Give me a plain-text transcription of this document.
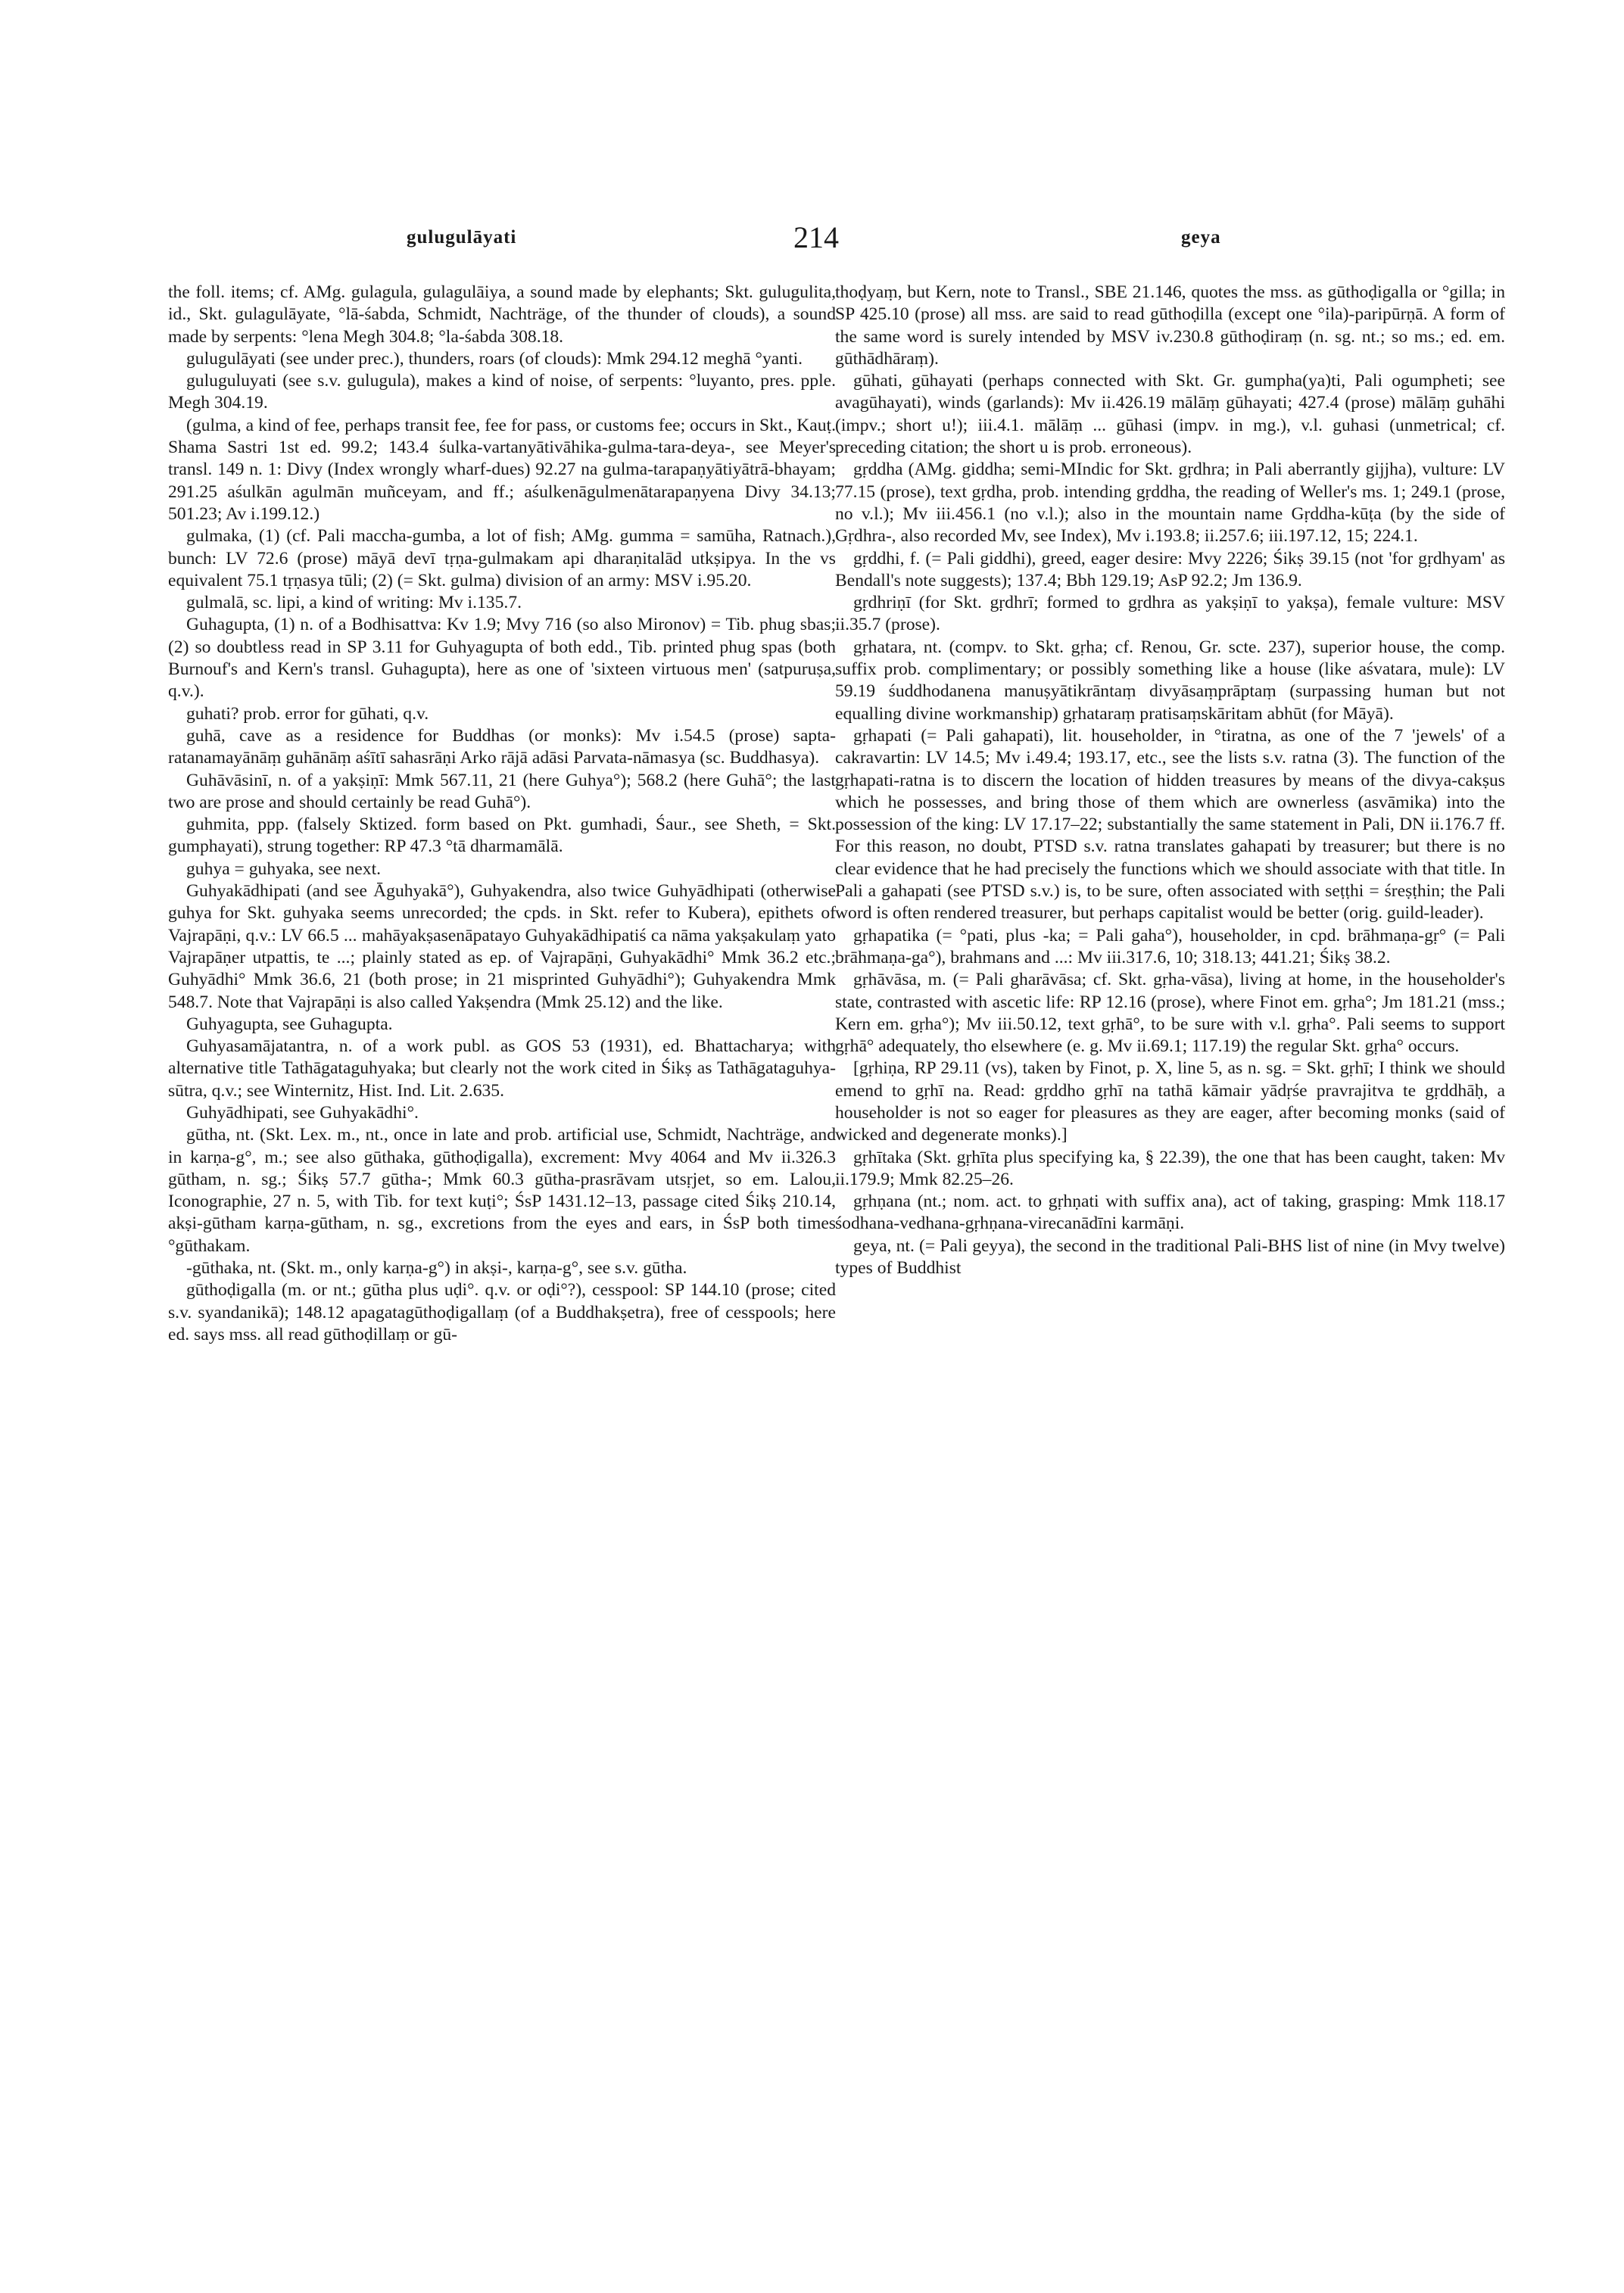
gulugulāyati	214	geya

the foll. items; cf. AMg. gulagula, gulagulāiya, a sound made by elephants; Skt. gulugulita, id., Skt. gulagulāyate, °lā-śabda, Schmidt, Nachträge, of the thunder of clouds), a sound made by serpents: °lena Megh 304.8; °la-śabda 308.18.

gulugulāyati (see under prec.), thunders, roars (of clouds): Mmk 294.12 meghā °yanti.

guluguluyati (see s.v. gulugula), makes a kind of noise, of serpents: °luyanto, pres. pple. Megh 304.19.

(gulma, a kind of fee, perhaps transit fee, fee for pass, or customs fee; occurs in Skt., Kauṭ. Shama Sastri 1st ed. 99.2; 143.4 śulka-vartanyātivāhika-gulma-tara-deya-, see Meyer's transl. 149 n. 1: Divy (Index wrongly wharf-dues) 92.27 na gulma-tarapaṇyātiyātrā-bhayam; 291.25 aśulkān agulmān muñceyam, and ff.; aśulkenāgulmenātarapaṇyena Divy 34.13; 501.23; Av i.199.12.)

gulmaka, (1) (cf. Pali maccha-gumba, a lot of fish; AMg. gumma = samūha, Ratnach.), bunch: LV 72.6 (prose) māyā devī tṛṇa-gulmakam api dharaṇitalād utkṣipya. In the vs equivalent 75.1 tṛṇasya tūli; (2) (= Skt. gulma) division of an army: MSV i.95.20.

gulmalā, sc. lipi, a kind of writing: Mv i.135.7.

Guhagupta, (1) n. of a Bodhisattva: Kv 1.9; Mvy 716 (so also Mironov) = Tib. phug sbas; (2) so doubtless read in SP 3.11 for Guhyagupta of both edd., Tib. printed phug spas (both Burnouf's and Kern's transl. Guhagupta), here as one of 'sixteen virtuous men' (satpuruṣa, q.v.).

guhati? prob. error for gūhati, q.v.

guhā, cave as a residence for Buddhas (or monks): Mv i.54.5 (prose) sapta-ratanamayānāṃ guhānāṃ aśītī sahasrāṇi Arko rājā adāsi Parvata-nāmasya (sc. Buddhasya).

Guhāvāsinī, n. of a yakṣiṇī: Mmk 567.11, 21 (here Guhya°); 568.2 (here Guhā°; the last two are prose and should certainly be read Guhā°).

guhmita, ppp. (falsely Sktized. form based on Pkt. gumhadi, Śaur., see Sheth, = Skt. gumphayati), strung together: RP 47.3 °tā dharmamālā.

guhya = guhyaka, see next.

Guhyakādhipati (and see Āguhyakā°), Guhyakendra, also twice Guhyādhipati (otherwise guhya for Skt. guhyaka seems unrecorded; the cpds. in Skt. refer to Kubera), epithets of Vajrapāṇi, q.v.: LV 66.5 ... mahāyakṣasenāpatayo Guhyakādhipatiś ca nāma yakṣakulaṃ yato Vajrapāṇer utpattis, te ...; plainly stated as ep. of Vajrapāṇi, Guhyakādhi° Mmk 36.2 etc.; Guhyādhi° Mmk 36.6, 21 (both prose; in 21 misprinted Guhyādhi°); Guhyakendra Mmk 548.7. Note that Vajrapāṇi is also called Yakṣendra (Mmk 25.12) and the like.

Guhyagupta, see Guhagupta.

Guhyasamājatantra, n. of a work publ. as GOS 53 (1931), ed. Bhattacharya; with alternative title Tathāgataguhyaka; but clearly not the work cited in Śikṣ as Tathāgataguhya-sūtra, q.v.; see Winternitz, Hist. Ind. Lit. 2.635.

Guhyādhipati, see Guhyakādhi°.

gūtha, nt. (Skt. Lex. m., nt., once in late and prob. artificial use, Schmidt, Nachträge, and in karṇa-g°, m.; see also gūthaka, gūthoḍigalla), excrement: Mvy 4064 and Mv ii.326.3 gūtham, n. sg.; Śikṣ 57.7 gūtha-; Mmk 60.3 gūtha-prasrāvam utsṛjet, so em. Lalou, Iconographie, 27 n. 5, with Tib. for text kuṭi°; ŚsP 1431.12–13, passage cited Śikṣ 210.14, akṣi-gūtham karṇa-gūtham, n. sg., excretions from the eyes and ears, in ŚsP both times °gūthakam.

-gūthaka, nt. (Skt. m., only karṇa-g°) in akṣi-, karṇa-g°, see s.v. gūtha.

gūthoḍigalla (m. or nt.; gūtha plus uḍi°. q.v. or oḍi°?), cesspool: SP 144.10 (prose; cited s.v. syandanikā); 148.12 apagatagūthoḍigallaṃ (of a Buddhakṣetra), free of cesspools; here ed. says mss. all read gūthoḍillaṃ or gū-

thoḍyaṃ, but Kern, note to Transl., SBE 21.146, quotes the mss. as gūthoḍigalla or °gilla; in SP 425.10 (prose) all mss. are said to read gūthoḍilla (except one °ila)-paripūrṇā. A form of the same word is surely intended by MSV iv.230.8 gūthoḍiraṃ (n. sg. nt.; so ms.; ed. em. gūthādhāraṃ).

gūhati, gūhayati (perhaps connected with Skt. Gr. gumpha(ya)ti, Pali ogumpheti; see avagūhayati), winds (garlands): Mv ii.426.19 mālāṃ gūhayati; 427.4 (prose) mālāṃ guhāhi (impv.; short u!); iii.4.1. mālāṃ ... gūhasi (impv. in mg.), v.l. guhasi (unmetrical; cf. preceding citation; the short u is prob. erroneous).

gṛddha (AMg. giddha; semi-MIndic for Skt. gṛdhra; in Pali aberrantly gijjha), vulture: LV 77.15 (prose), text gṛdha, prob. intending gṛddha, the reading of Weller's ms. 1; 249.1 (prose, no v.l.); Mv iii.456.1 (no v.l.); also in the mountain name Gṛddha-kūṭa (by the side of Gṛdhra-, also recorded Mv, see Index), Mv i.193.8; ii.257.6; iii.197.12, 15; 224.1.

gṛddhi, f. (= Pali giddhi), greed, eager desire: Mvy 2226; Śikṣ 39.15 (not 'for gṛdhyam' as Bendall's note suggests); 137.4; Bbh 129.19; AsP 92.2; Jm 136.9.

gṛdhriṇī (for Skt. gṛdhrī; formed to gṛdhra as yakṣiṇī to yakṣa), female vulture: MSV ii.35.7 (prose).

gṛhatara, nt. (compv. to Skt. gṛha; cf. Renou, Gr. scte. 237), superior house, the comp. suffix prob. complimentary; or possibly something like a house (like aśvatara, mule): LV 59.19 śuddhodanena manuṣyātikrāntaṃ divyāsaṃprāptaṃ (surpassing human but not equalling divine workmanship) gṛhataraṃ pratisaṃskāritam abhūt (for Māyā).

gṛhapati (= Pali gahapati), lit. householder, in °tiratna, as one of the 7 'jewels' of a cakravartin: LV 14.5; Mv i.49.4; 193.17, etc., see the lists s.v. ratna (3). The function of the gṛhapati-ratna is to discern the location of hidden treasures by means of the divya-cakṣus which he possesses, and bring those of them which are ownerless (asvāmika) into the possession of the king: LV 17.17–22; substantially the same statement in Pali, DN ii.176.7 ff. For this reason, no doubt, PTSD s.v. ratna translates gahapati by treasurer; but there is no clear evidence that he had precisely the functions which we should associate with that title. In Pali a gahapati (see PTSD s.v.) is, to be sure, often associated with seṭṭhi = śreṣṭhin; the Pali word is often rendered treasurer, but perhaps capitalist would be better (orig. guild-leader).

gṛhapatika (= °pati, plus -ka; = Pali gaha°), householder, in cpd. brāhmaṇa-gṛ° (= Pali brāhmaṇa-ga°), brahmans and ...: Mv iii.317.6, 10; 318.13; 441.21; Śikṣ 38.2.

gṛhāvāsa, m. (= Pali gharāvāsa; cf. Skt. gṛha-vāsa), living at home, in the householder's state, contrasted with ascetic life: RP 12.16 (prose), where Finot em. gṛha°; Jm 181.21 (mss.; Kern em. gṛha°); Mv iii.50.12, text gṛhā°, to be sure with v.l. gṛha°. Pali seems to support gṛhā° adequately, tho elsewhere (e. g. Mv ii.69.1; 117.19) the regular Skt. gṛha° occurs.

[gṛhiṇa, RP 29.11 (vs), taken by Finot, p. X, line 5, as n. sg. = Skt. gṛhī; I think we should emend to gṛhī na. Read: gṛddho gṛhī na tathā kāmair yādṛśe pravrajitva te gṛddhāḥ, a householder is not so eager for pleasures as they are eager, after becoming monks (said of wicked and degenerate monks).]

gṛhītaka (Skt. gṛhīta plus specifying ka, § 22.39), the one that has been caught, taken: Mv ii.179.9; Mmk 82.25–26.

gṛhṇana (nt.; nom. act. to gṛhṇati with suffix ana), act of taking, grasping: Mmk 118.17 śodhana-vedhana-gṛhṇana-virecanādīni karmāṇi.

geya, nt. (= Pali geyya), the second in the traditional Pali-BHS list of nine (in Mvy twelve) types of Buddhist
